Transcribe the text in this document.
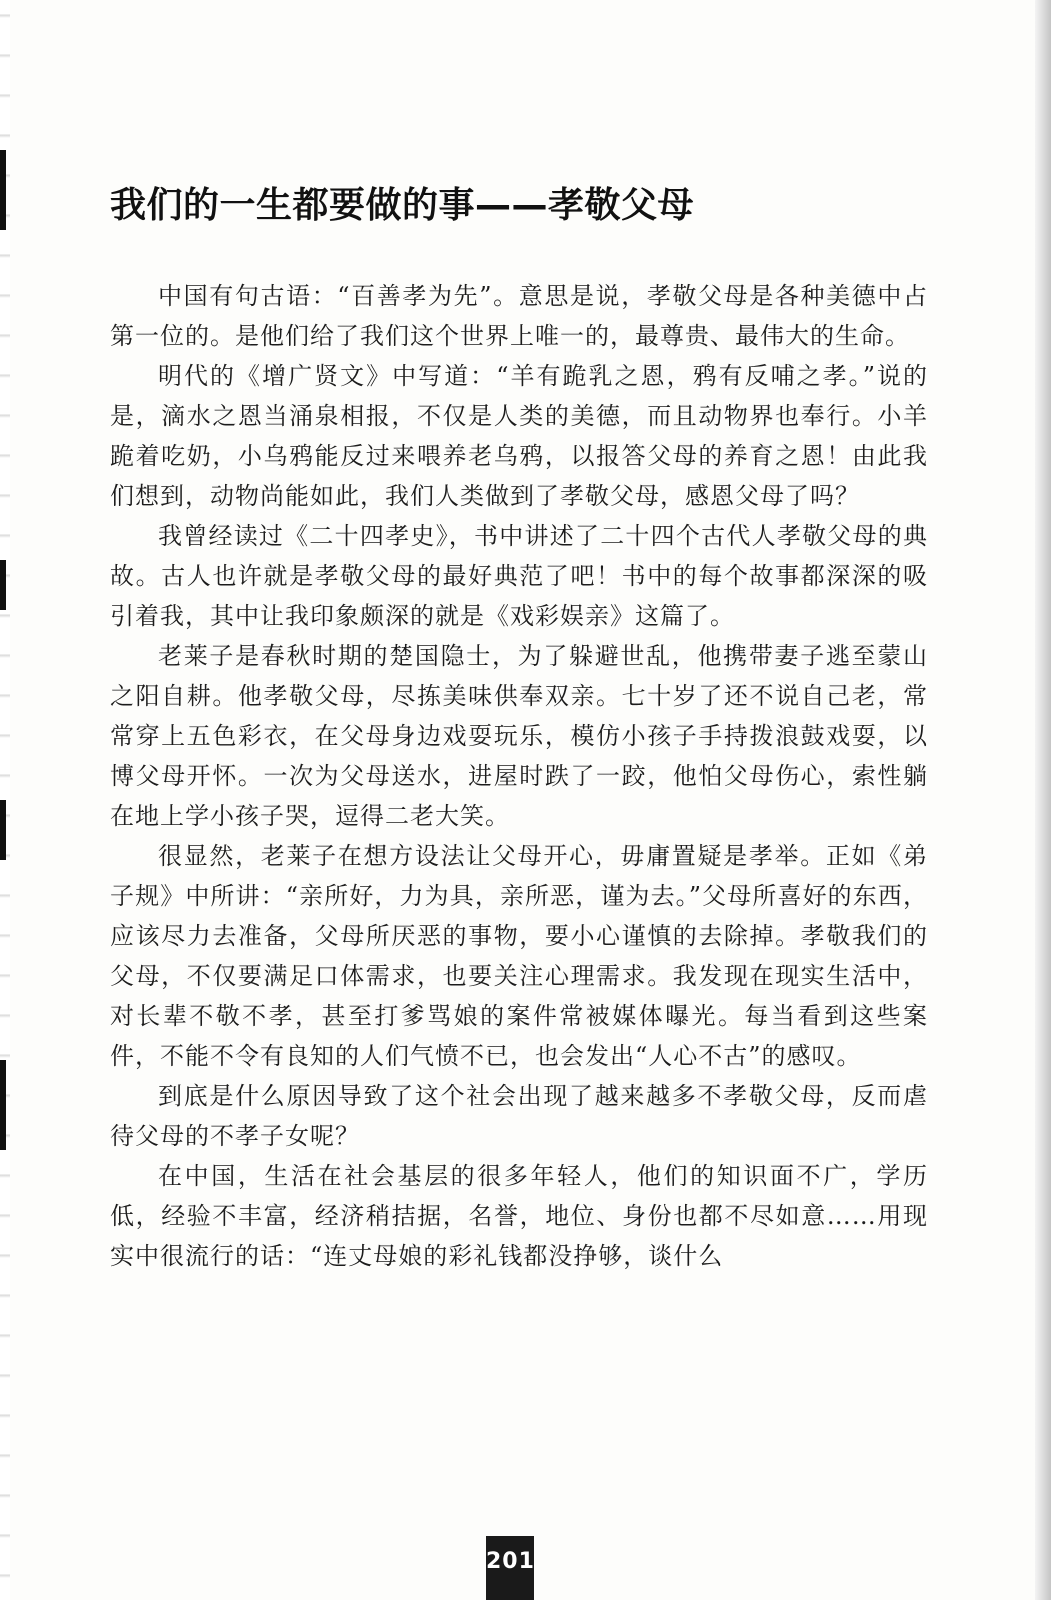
我们的一生都要做的事——孝敬父母

中国有句古语：“百善孝为先”。意思是说，孝敬父母是各种美德中占第一位的。是他们给了我们这个世界上唯一的，最尊贵、最伟大的生命。

明代的《增广贤文》中写道：“羊有跪乳之恩，鸦有反哺之孝。”说的是，滴水之恩当涌泉相报，不仅是人类的美德，而且动物界也奉行。小羊跪着吃奶，小乌鸦能反过来喂养老乌鸦，以报答父母的养育之恩！由此我们想到，动物尚能如此，我们人类做到了孝敬父母，感恩父母了吗？

我曾经读过《二十四孝史》，书中讲述了二十四个古代人孝敬父母的典故。古人也许就是孝敬父母的最好典范了吧！书中的每个故事都深深的吸引着我，其中让我印象颇深的就是《戏彩娱亲》这篇了。

老莱子是春秋时期的楚国隐士，为了躲避世乱，他携带妻子逃至蒙山之阳自耕。他孝敬父母，尽拣美味供奉双亲。七十岁了还不说自己老，常常穿上五色彩衣，在父母身边戏耍玩乐，模仿小孩子手持拨浪鼓戏耍，以博父母开怀。一次为父母送水，进屋时跌了一跤，他怕父母伤心，索性躺在地上学小孩子哭，逗得二老大笑。

很显然，老莱子在想方设法让父母开心，毋庸置疑是孝举。正如《弟子规》中所讲：“亲所好，力为具，亲所恶，谨为去。”父母所喜好的东西，应该尽力去准备，父母所厌恶的事物，要小心谨慎的去除掉。孝敬我们的父母，不仅要满足口体需求，也要关注心理需求。我发现在现实生活中，对长辈不敬不孝，甚至打爹骂娘的案件常被媒体曝光。每当看到这些案件，不能不令有良知的人们气愤不已，也会发出“人心不古”的感叹。

到底是什么原因导致了这个社会出现了越来越多不孝敬父母，反而虐待父母的不孝子女呢？

在中国，生活在社会基层的很多年轻人，他们的知识面不广，学历低，经验不丰富，经济稍拮据，名誉，地位、身份也都不尽如意……用现实中很流行的话：“连丈母娘的彩礼钱都没挣够，谈什么

201
